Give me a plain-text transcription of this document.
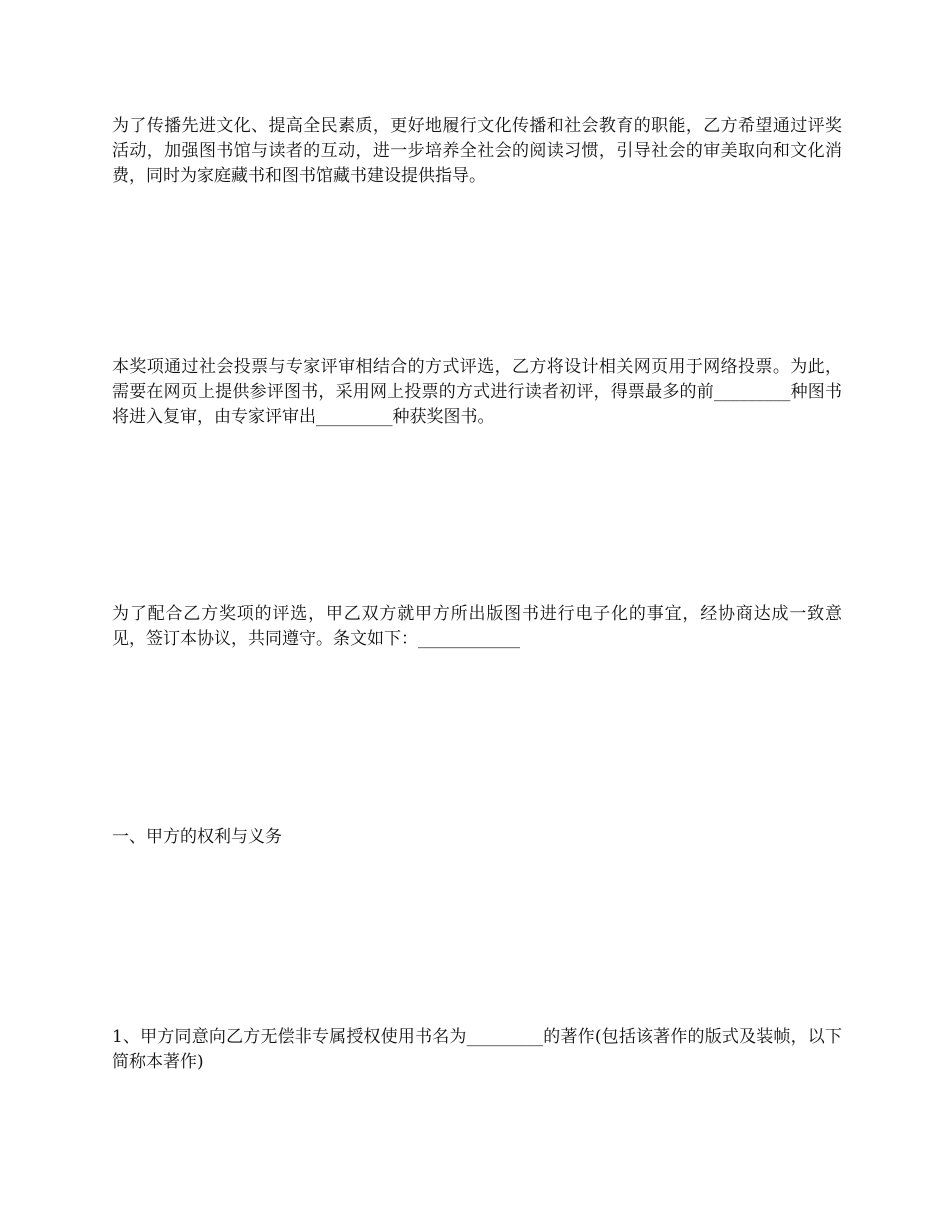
为了传播先进文化、提高全民素质，更好地履行文化传播和社会教育的职能，乙方希望通过评奖活动，加强图书馆与读者的互动，进一步培养全社会的阅读习惯，引导社会的审美取向和文化消费，同时为家庭藏书和图书馆藏书建设提供指导。

本奖项通过社会投票与专家评审相结合的方式评选，乙方将设计相关网页用于网络投票。为此，需要在网页上提供参评图书，采用网上投票的方式进行读者初评，得票最多的前_________种图书将进入复审，由专家评审出_________种获奖图书。

为了配合乙方奖项的评选，甲乙双方就甲方所出版图书进行电子化的事宜，经协商达成一致意见，签订本协议，共同遵守。条文如下：____________

一、甲方的权利与义务

1、甲方同意向乙方无偿非专属授权使用书名为_________的著作(包括该著作的版式及装帧，以下简称本著作)
